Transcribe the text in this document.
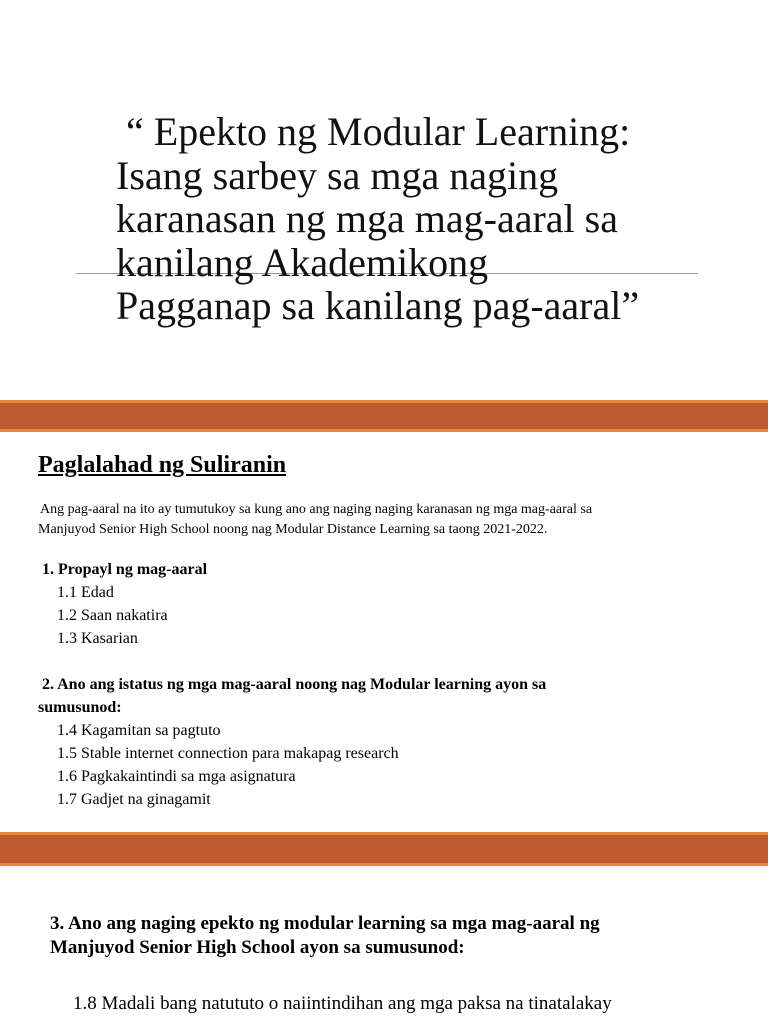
“ Epekto ng Modular Learning:
Isang sarbey sa mga naging
karanasan ng mga mag-aaral sa
kanilang Akademikong
Pagganap sa kanilang pag-aaral”
Paglalahad ng Suliranin

Ang pag-aaral na ito ay tumutukoy sa kung ano ang naging naging karanasan ng mga mag-aaral sa
Manjuyod Senior High School noong nag Modular Distance Learning sa taong 2021-2022.

1. Propayl ng mag-aaral

1.1 Edad
1.2 Saan nakatira
1.3 Kasarian

2. Ano ang istatus ng mga mag-aaral noong nag Modular learning ayon sa
sumusunod:

1.4 Kagamitan sa pagtuto
1.5 Stable internet connection para makapag research
1.6 Pagkakaintindi sa mga asignatura
1.7 Gadjet na ginagamit

3. Ano ang naging epekto ng modular learning sa mga mag-aaral ng
Manjuyod Senior High School ayon sa sumusunod:

1.8 Madali bang natututo o naiintindihan ang mga paksa na tinatalakay
